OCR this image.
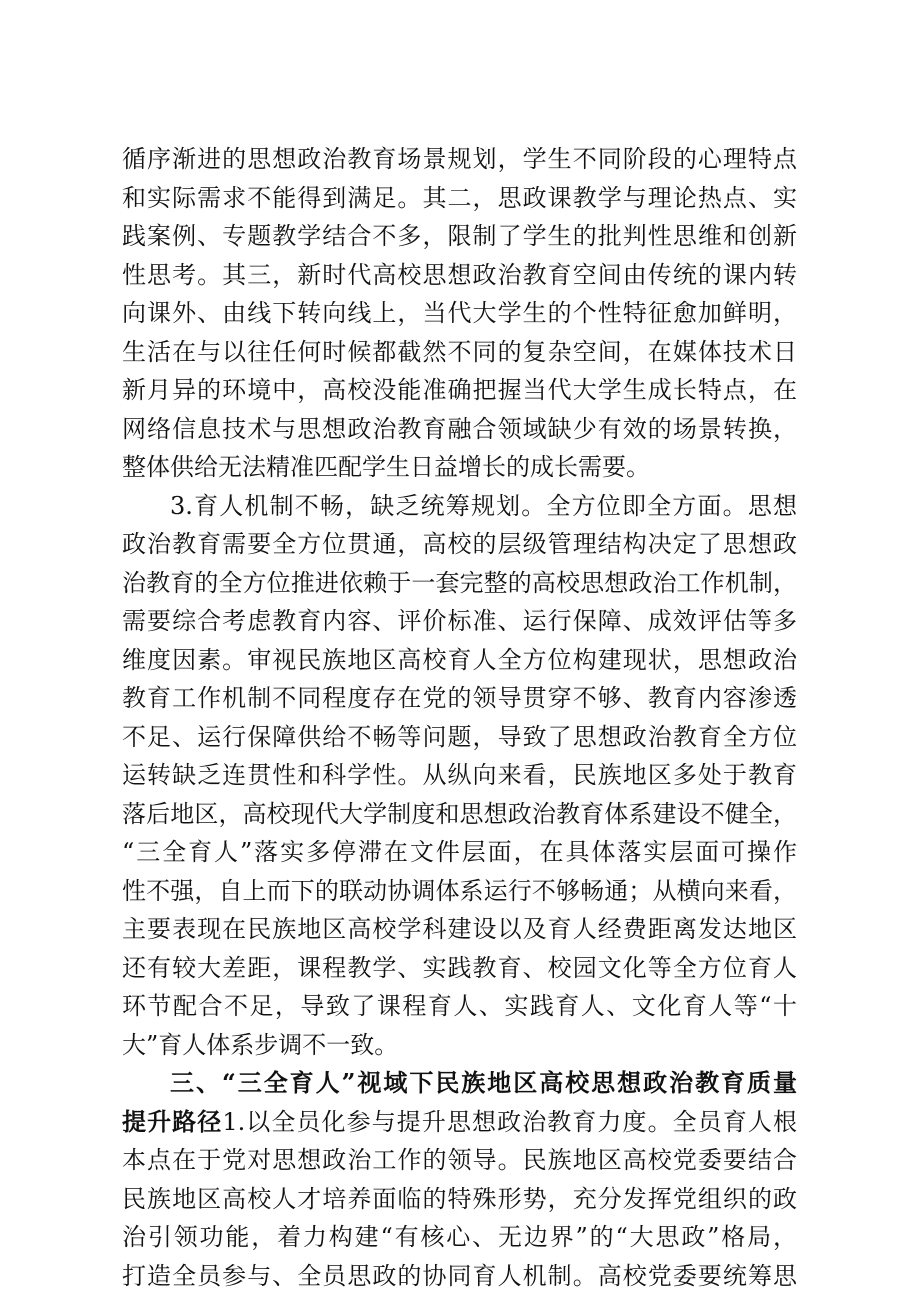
循序渐进的思想政治教育场景规划，学生不同阶段的心理特点
和实际需求不能得到满足。其二，思政课教学与理论热点、实
践案例、专题教学结合不多，限制了学生的批判性思维和创新
性思考。其三，新时代高校思想政治教育空间由传统的课内转
向课外、由线下转向线上，当代大学生的个性特征愈加鲜明，
生活在与以往任何时候都截然不同的复杂空间，在媒体技术日
新月异的环境中，高校没能准确把握当代大学生成长特点，在
网络信息技术与思想政治教育融合领域缺少有效的场景转换，
整体供给无法精准匹配学生日益增长的成长需要。
3.育人机制不畅，缺乏统筹规划。全方位即全方面。思想
政治教育需要全方位贯通，高校的层级管理结构决定了思想政
治教育的全方位推进依赖于一套完整的高校思想政治工作机制，
需要综合考虑教育内容、评价标准、运行保障、成效评估等多
维度因素。审视民族地区高校育人全方位构建现状，思想政治
教育工作机制不同程度存在党的领导贯穿不够、教育内容渗透
不足、运行保障供给不畅等问题，导致了思想政治教育全方位
运转缺乏连贯性和科学性。从纵向来看，民族地区多处于教育
落后地区，高校现代大学制度和思想政治教育体系建设不健全，
“三全育人”落实多停滞在文件层面，在具体落实层面可操作
性不强，自上而下的联动协调体系运行不够畅通；从横向来看，
主要表现在民族地区高校学科建设以及育人经费距离发达地区
还有较大差距，课程教学、实践教育、校园文化等全方位育人
环节配合不足，导致了课程育人、实践育人、文化育人等“十
大”育人体系步调不一致。
三、“三全育人”视域下民族地区高校思想政治教育质量
提升路径1.以全员化参与提升思想政治教育力度。全员育人根
本点在于党对思想政治工作的领导。民族地区高校党委要结合
民族地区高校人才培养面临的特殊形势，充分发挥党组织的政
治引领功能，着力构建“有核心、无边界”的“大思政”格局，
打造全员参与、全员思政的协同育人机制。高校党委要统筹思
